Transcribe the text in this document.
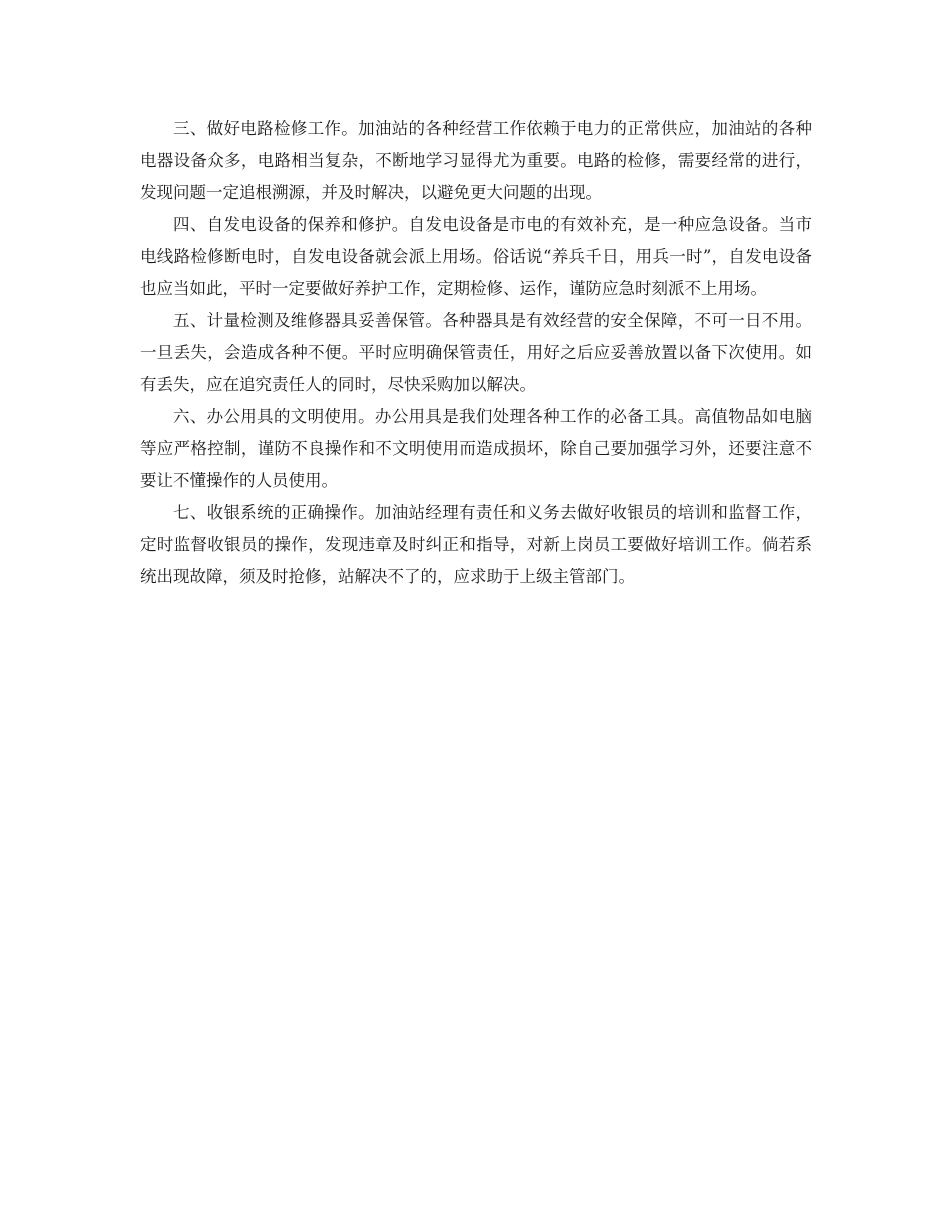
三、做好电路检修工作。加油站的各种经营工作依赖于电力的正常供应，加油站的各种电器设备众多，电路相当复杂，不断地学习显得尤为重要。电路的检修，需要经常的进行，发现问题一定追根溯源，并及时解决，以避免更大问题的出现。

四、自发电设备的保养和修护。自发电设备是市电的有效补充，是一种应急设备。当市电线路检修断电时，自发电设备就会派上用场。俗话说“养兵千日，用兵一时”，自发电设备也应当如此，平时一定要做好养护工作，定期检修、运作，谨防应急时刻派不上用场。

五、计量检测及维修器具妥善保管。各种器具是有效经营的安全保障，不可一日不用。一旦丢失，会造成各种不便。平时应明确保管责任，用好之后应妥善放置以备下次使用。如有丢失，应在追究责任人的同时，尽快采购加以解决。

六、办公用具的文明使用。办公用具是我们处理各种工作的必备工具。高值物品如电脑等应严格控制，谨防不良操作和不文明使用而造成损坏，除自己要加强学习外，还要注意不要让不懂操作的人员使用。

七、收银系统的正确操作。加油站经理有责任和义务去做好收银员的培训和监督工作，定时监督收银员的操作，发现违章及时纠正和指导，对新上岗员工要做好培训工作。倘若系统出现故障，须及时抢修，站解决不了的，应求助于上级主管部门。
